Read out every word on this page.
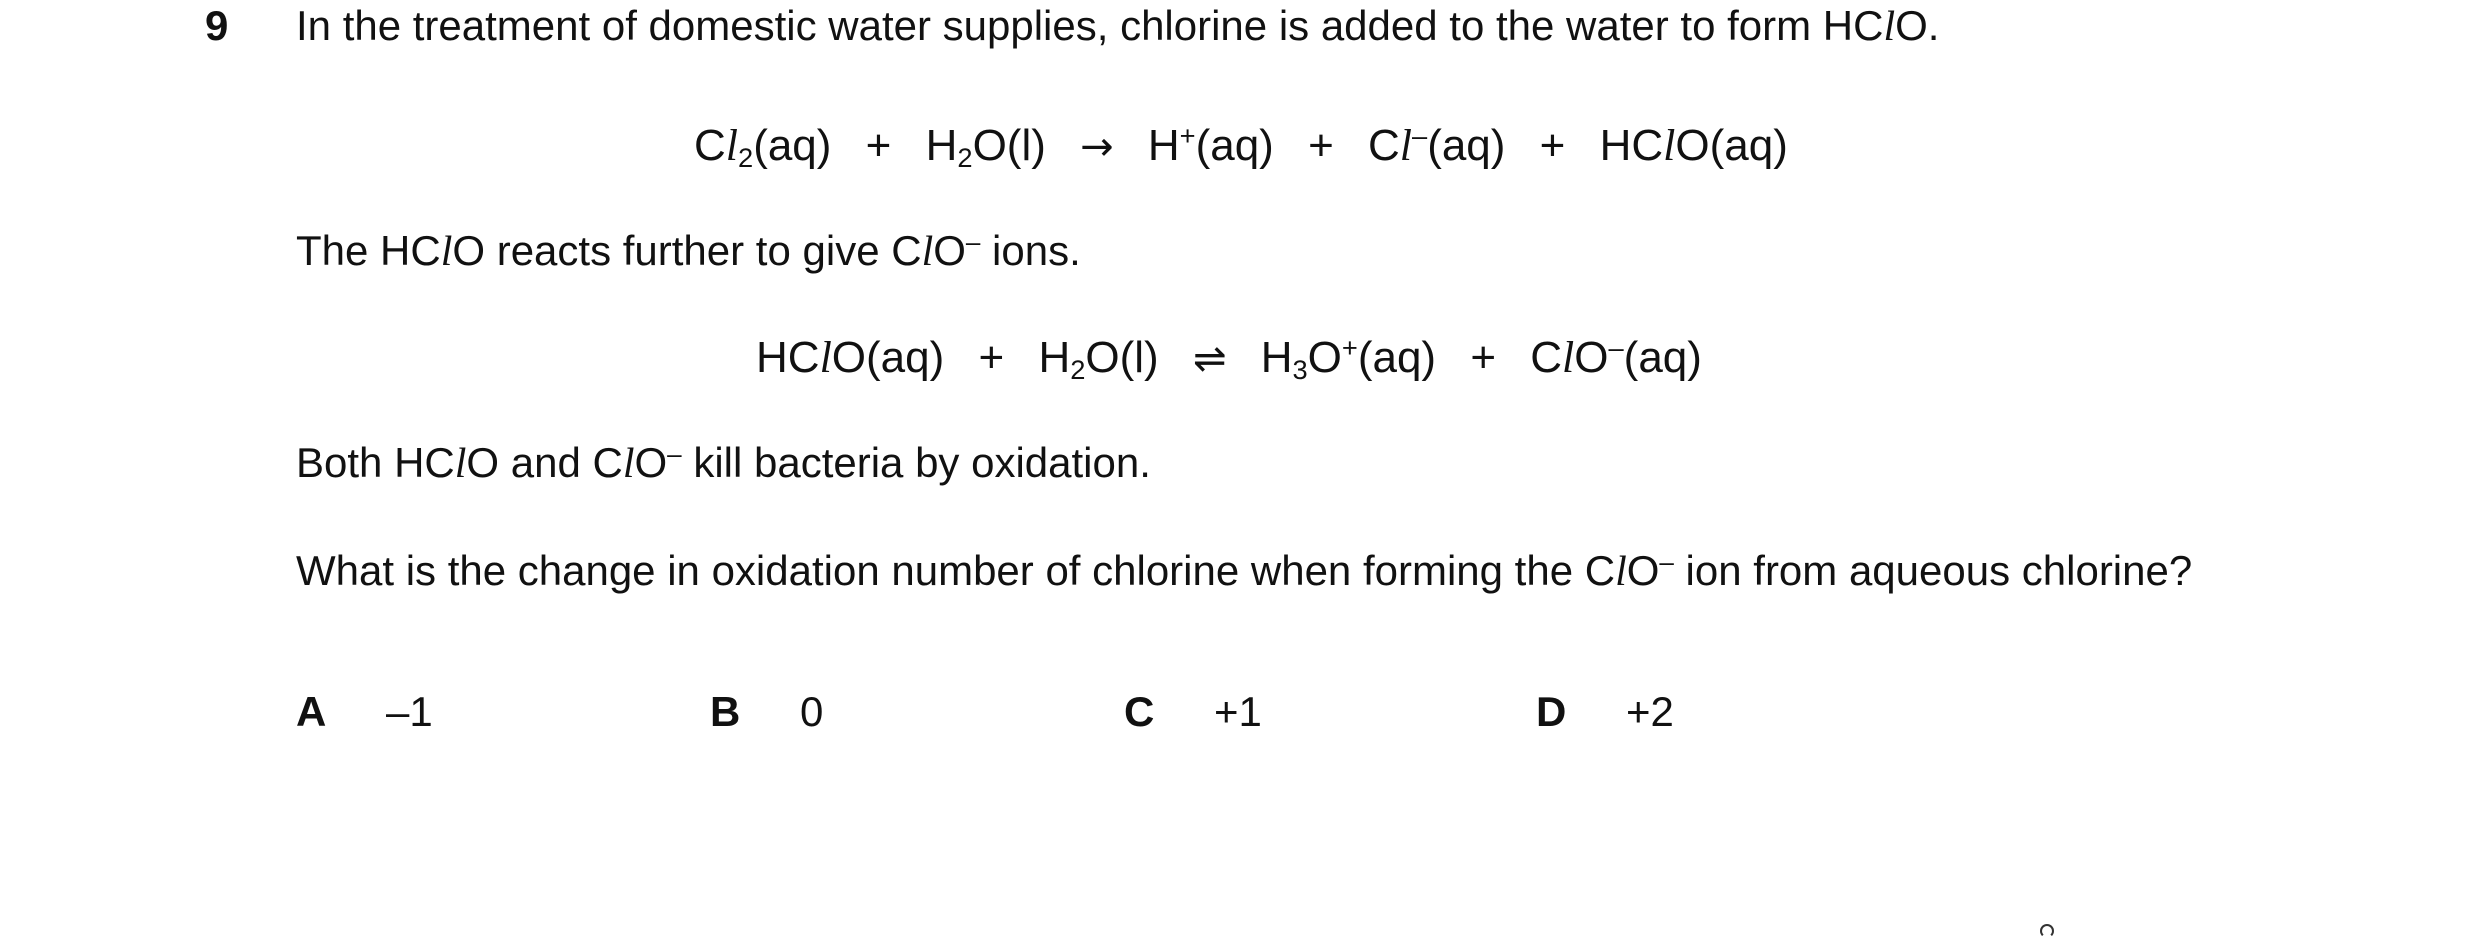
9 In the treatment of domestic water supplies, chlorine is added to the water to form HClO.
$Cl_2(aq) + H_2O(l) \to H^+(aq) + Cl^-(aq)$ + HClO(aq)
The HClO reacts further to give ClO– ions.
HClO(aq) + $H_2O(l)$ ⇌ $H_3O^+(aq) + ClO^-(aq)$
Both HClO and ClO– kill bacteria by oxidation.
What is the change in oxidation number of chlorine when forming the ClO– ion from aqueous chlorine?
A –1	B 0	C +1	D +2
